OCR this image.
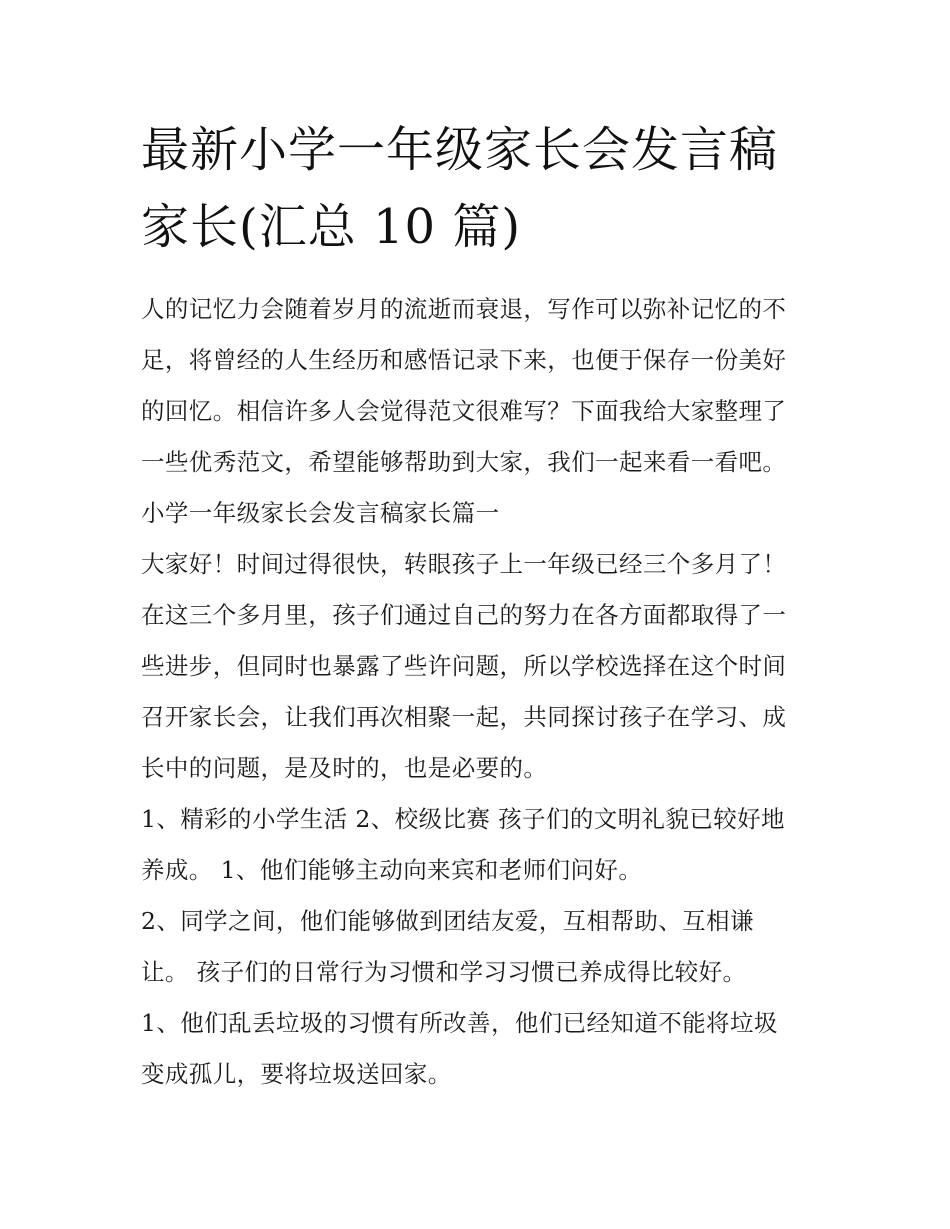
最新小学一年级家长会发言稿
家长(汇总 10 篇)

人的记忆力会随着岁月的流逝而衰退，写作可以弥补记忆的不

足，将曾经的人生经历和感悟记录下来，也便于保存一份美好

的回忆。相信许多人会觉得范文很难写？下面我给大家整理了

一些优秀范文，希望能够帮助到大家，我们一起来看一看吧。

小学一年级家长会发言稿家长篇一

大家好！时间过得很快，转眼孩子上一年级已经三个多月了！

在这三个多月里，孩子们通过自己的努力在各方面都取得了一

些进步，但同时也暴露了些许问题，所以学校选择在这个时间

召开家长会，让我们再次相聚一起，共同探讨孩子在学习、成

长中的问题，是及时的，也是必要的。

1、精彩的小学生活 2、校级比赛 孩子们的文明礼貌已较好地

养成。 1、他们能够主动向来宾和老师们问好。

2、同学之间，他们能够做到团结友爱，互相帮助、互相谦

让。 孩子们的日常行为习惯和学习习惯已养成得比较好。

1、他们乱丢垃圾的习惯有所改善，他们已经知道不能将垃圾

变成孤儿，要将垃圾送回家。
